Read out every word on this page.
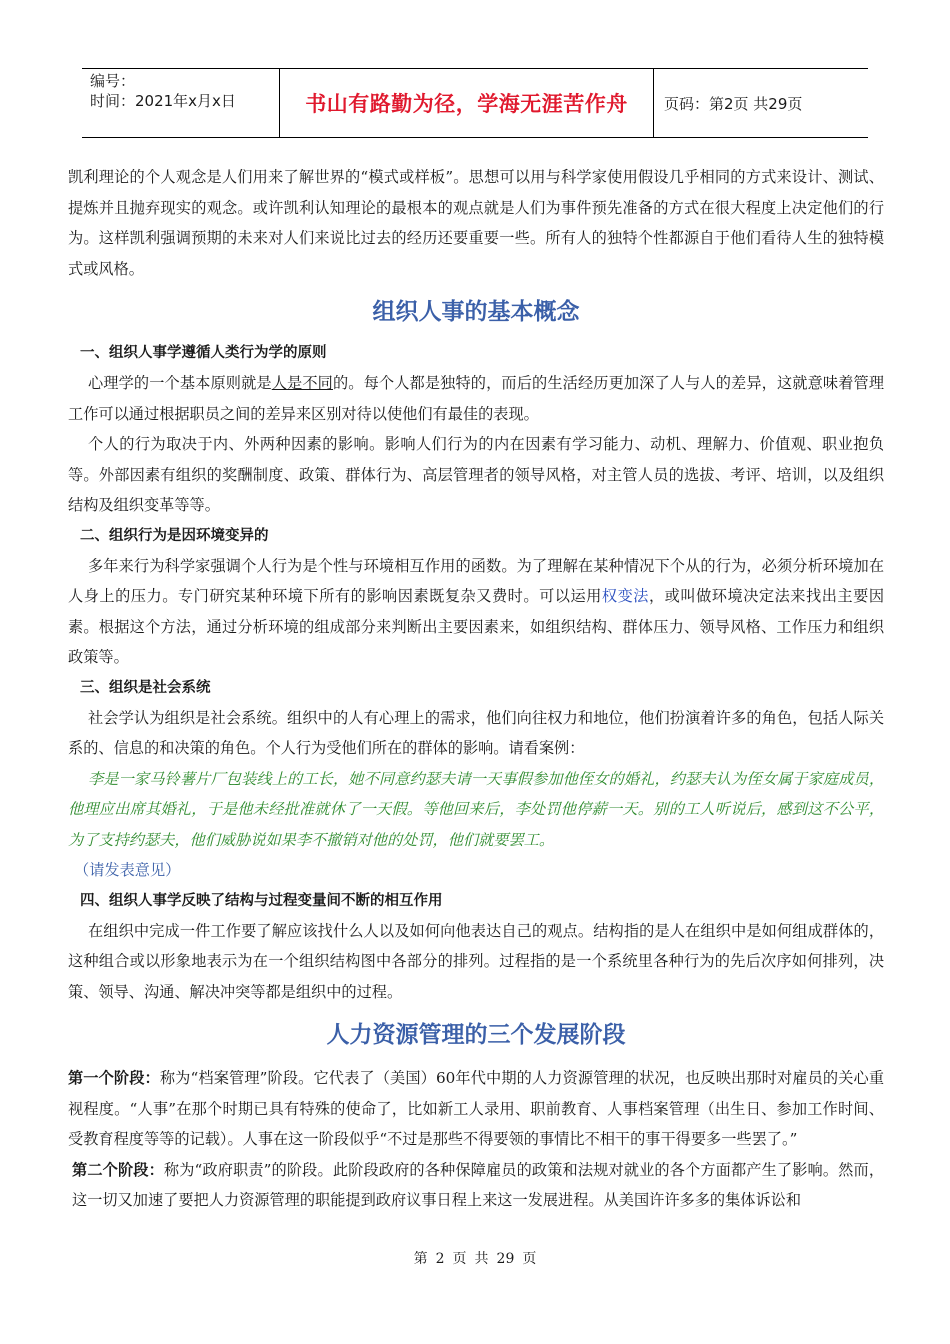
编号：
时间：2021年x月x日	书山有路勤为径，学海无涯苦作舟	页码：第2页 共29页

凯利理论的个人观念是人们用来了解世界的“模式或样板”。思想可以用与科学家使用假设几乎相同的方式来设计、测试、提炼并且抛弃现实的观念。或许凯利认知理论的最根本的观点就是人们为事件预先准备的方式在很大程度上决定他们的行为。这样凯利强调预期的未来对人们来说比过去的经历还要重要一些。所有人的独特个性都源自于他们看待人生的独特模式或风格。

组织人事的基本概念
一、组织人事学遵循人类行为学的原则

心理学的一个基本原则就是人是不同的。每个人都是独特的，而后的生活经历更加深了人与人的差异，这就意味着管理工作可以通过根据职员之间的差异来区别对待以使他们有最佳的表现。

个人的行为取决于内、外两种因素的影响。影响人们行为的内在因素有学习能力、动机、理解力、价值观、职业抱负等。外部因素有组织的奖酬制度、政策、群体行为、高层管理者的领导风格，对主管人员的选拔、考评、培训，以及组织结构及组织变革等等。

二、组织行为是因环境变异的

多年来行为科学家强调个人行为是个性与环境相互作用的函数。为了理解在某种情况下个从的行为，必须分析环境加在人身上的压力。专门研究某种环境下所有的影响因素既复杂又费时。可以运用权变法，或叫做环境决定法来找出主要因素。根据这个方法，通过分析环境的组成部分来判断出主要因素来，如组织结构、群体压力、领导风格、工作压力和组织政策等。

三、组织是社会系统

社会学认为组织是社会系统。组织中的人有心理上的需求，他们向往权力和地位，他们扮演着许多的角色，包括人际关系的、信息的和决策的角色。个人行为受他们所在的群体的影响。请看案例：

李是一家马铃薯片厂包装线上的工长，她不同意约瑟夫请一天事假参加他侄女的婚礼，约瑟夫认为侄女属于家庭成员，他理应出席其婚礼，于是他未经批准就休了一天假。等他回来后，李处罚他停薪一天。别的工人听说后，感到这不公平，为了支持约瑟夫，他们威胁说如果李不撤销对他的处罚，他们就要罢工。

（请发表意见）

四、组织人事学反映了结构与过程变量间不断的相互作用

在组织中完成一件工作要了解应该找什么人以及如何向他表达自己的观点。结构指的是人在组织中是如何组成群体的，这种组合或以形象地表示为在一个组织结构图中各部分的排列。过程指的是一个系统里各种行为的先后次序如何排列，决策、领导、沟通、解决冲突等都是组织中的过程。

人力资源管理的三个发展阶段

第一个阶段：称为“档案管理”阶段。它代表了（美国）60年代中期的人力资源管理的状况，也反映出那时对雇员的关心重视程度。“人事”在那个时期已具有特殊的使命了，比如新工人录用、职前教育、人事档案管理（出生日、参加工作时间、受教育程度等等的记载）。人事在这一阶段似乎“不过是那些不得要领的事情比不相干的事干得要多一些罢了。”

第二个阶段：称为“政府职责”的阶段。此阶段政府的各种保障雇员的政策和法规对就业的各个方面都产生了影响。然而，这一切又加速了要把人力资源管理的职能提到政府议事日程上来这一发展进程。从美国许许多多的集体诉讼和

第 2 页 共 29 页
